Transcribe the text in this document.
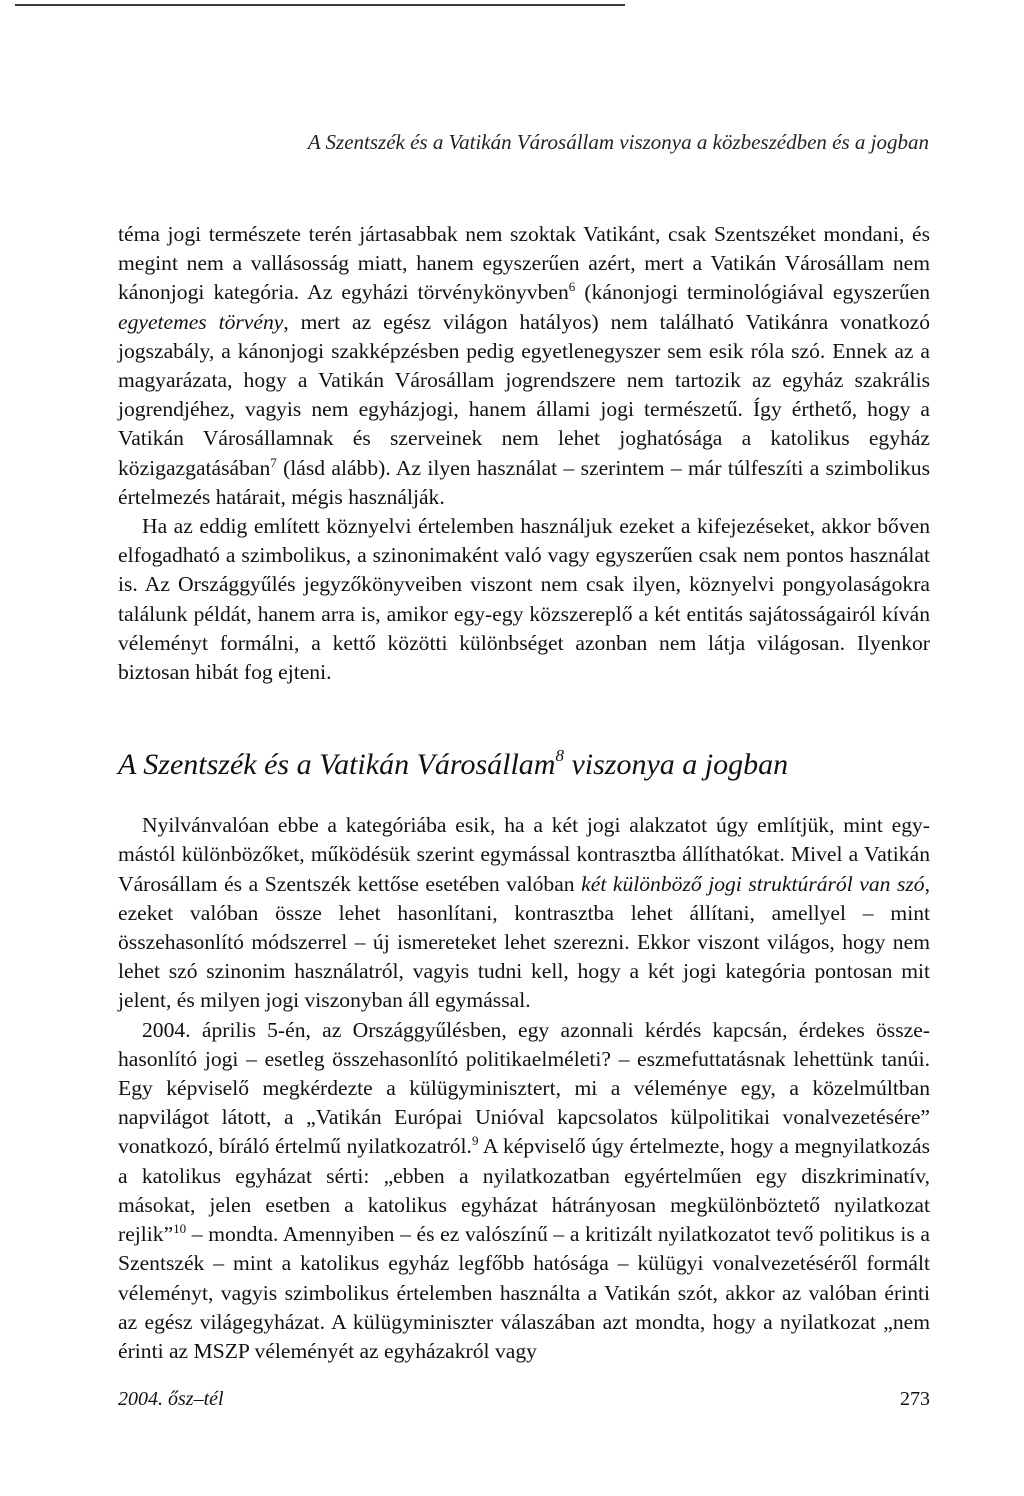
A Szentszék és a Vatikán Városállam viszonya a közbeszédben és a jogban

téma jogi természete terén jártasabbak nem szoktak Vatikánt, csak Szentszéket mondani, és megint nem a vallásosság miatt, hanem egyszerűen azért, mert a Vatikán Városállam nem kánonjogi kategória. Az egyházi törvénykönyvben$^6$ (kánonjogi terminológiával egyszerűen egyetemes törvény, mert az egész világon hatályos) nem található Vatikánra vonatkozó jogszabály, a kánonjogi szakképzésben pedig egyetlenegyszer sem esik róla szó. Ennek az a magyarázata, hogy a Vatikán Városállam jogrendszere nem tartozik az egyház szakrális jogrendjéhez, vagyis nem egyházjogi, hanem állami jogi természetű. Így érthető, hogy a Vatikán Városállamnak és szerveinek nem lehet joghatósága a katolikus egyház közigazgatásában$^7$ (lásd alább). Az ilyen használat – szerintem – már túlfeszíti a szimbolikus értelmezés határait, mégis használják.

Ha az eddig említett köznyelvi értelemben használjuk ezeket a kifejezéseket, akkor bőven elfogadható a szimbolikus, a szinonimaként való vagy egyszerűen csak nem pontos használat is. Az Országgyűlés jegyzőkönyveiben viszont nem csak ilyen, köznyelvi pongyolaságokra találunk példát, hanem arra is, amikor egy-egy közszereplő a két entitás sajátosságairól kíván véleményt formálni, a kettő közötti különbséget azonban nem látja világosan. Ilyenkor biztosan hibát fog ejteni.

A Szentszék és a Vatikán Városállam$^8$ viszonya a jogban

Nyilvánvalóan ebbe a kategóriába esik, ha a két jogi alakzatot úgy említjük, mint egymástól különbözőket, működésük szerint egymással kontrasztba állíthatókat. Mivel a Vatikán Városállam és a Szentszék kettőse esetében valóban két különböző jogi struktúráról van szó, ezeket valóban össze lehet hasonlítani, kontrasztba lehet állítani, amellyel – mint összehasonlító módszerrel – új ismereteket lehet szerezni. Ekkor viszont világos, hogy nem lehet szó szinonim használatról, vagyis tudni kell, hogy a két jogi kategória pontosan mit jelent, és milyen jogi viszonyban áll egymással.

2004. április 5-én, az Országgyűlésben, egy azonnali kérdés kapcsán, érdekes összehasonlító jogi – esetleg összehasonlító politikaelméleti? – eszmefuttatásnak lehettünk tanúi. Egy képviselő megkérdezte a külügyminisztert, mi a véleménye egy, a közelmúltban napvilágot látott, a „Vatikán Európai Unióval kapcsolatos külpolitikai vonalvezetésére” vonatkozó, bíráló értelmű nyilatkozatról.$^9$ A képviselő úgy értelmezte, hogy a megnyilatkozás a katolikus egyházat sérti: „ebben a nyilatkozatban egyértelműen egy diszkriminatív, másokat, jelen esetben a katolikus egyházat hátrányosan megkülönböztető nyilatkozat rejlik”$^{10}$ – mondta. Amennyiben – és ez valószínű – a kritizált nyilatkozatot tevő politikus is a Szentszék – mint a katolikus egyház legfőbb hatósága – külügyi vonalvezetéséről formált véleményt, vagyis szimbolikus értelemben használta a Vatikán szót, akkor az valóban érinti az egész világegyházat. A külügyminiszter válaszában azt mondta, hogy a nyilatkozat „nem érinti az MSZP véleményét az egyházakról vagy

2004. ősz–tél	273
